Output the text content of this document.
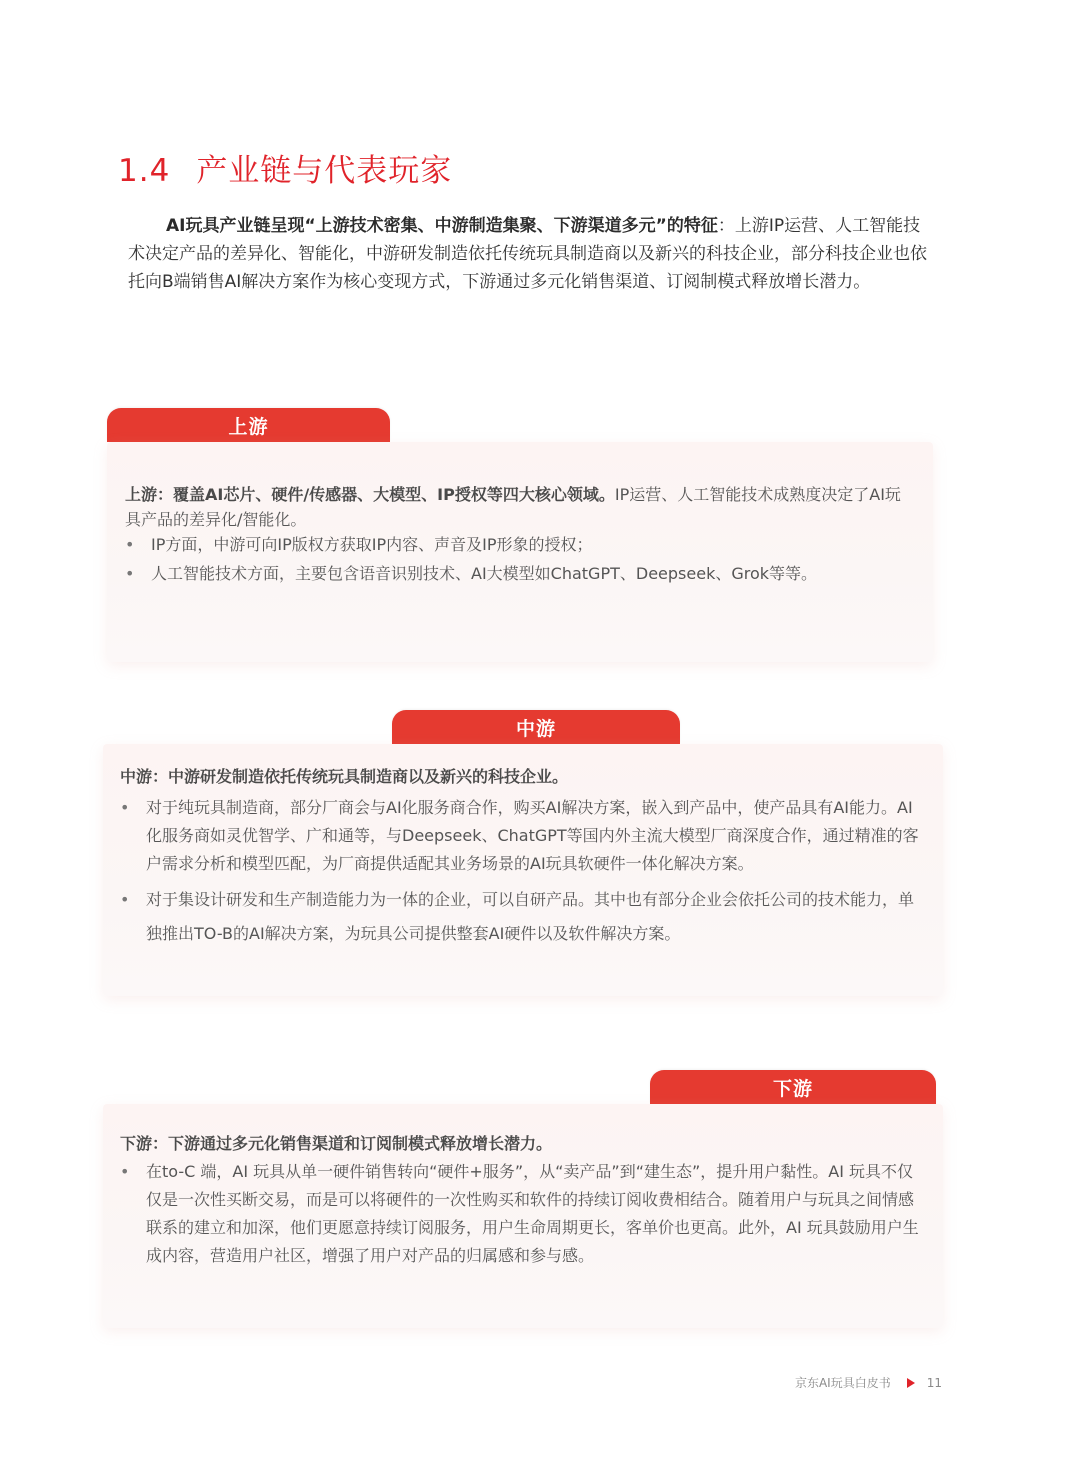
1.4 产业链与代表玩家

AI玩具产业链呈现“上游技术密集、中游制造集聚、下游渠道多元”的特征：上游IP运营、人工智能技术决定产品的差异化、智能化，中游研发制造依托传统玩具制造商以及新兴的科技企业，部分科技企业也依托向B端销售AI解决方案作为核心变现方式，下游通过多元化销售渠道、订阅制模式释放增长潜力。

上游

上游：覆盖AI芯片、硬件/传感器、大模型、IP授权等四大核心领域。IP运营、人工智能技术成熟度决定了AI玩具产品的差异化/智能化。

• IP方面，中游可向IP版权方获取IP内容、声音及IP形象的授权；
• 人工智能技术方面，主要包含语音识别技术、AI大模型如ChatGPT、Deepseek、Grok等等。
中游

中游：中游研发制造依托传统玩具制造商以及新兴的科技企业。

• 对于纯玩具制造商，部分厂商会与AI化服务商合作，购买AI解决方案，嵌入到产品中，使产品具有AI能力。AI化服务商如灵优智学、广和通等，与Deepseek、ChatGPT等国内外主流大模型厂商深度合作，通过精准的客户需求分析和模型匹配，为厂商提供适配其业务场景的AI玩具软硬件一体化解决方案。
• 对于集设计研发和生产制造能力为一体的企业，可以自研产品。其中也有部分企业会依托公司的技术能力，单独推出TO-B的AI解决方案，为玩具公司提供整套AI硬件以及软件解决方案。
下游

下游：下游通过多元化销售渠道和订阅制模式释放增长潜力。

• 在to-C 端，AI 玩具从单一硬件销售转向“硬件+服务”，从“卖产品”到“建生态”，提升用户黏性。AI 玩具不仅仅是一次性买断交易，而是可以将硬件的一次性购买和软件的持续订阅收费相结合。随着用户与玩具之间情感联系的建立和加深，他们更愿意持续订阅服务，用户生命周期更长，客单价也更高。此外，AI 玩具鼓励用户生成内容，营造用户社区，增强了用户对产品的归属感和参与感。
京东AI玩具白皮书	11
